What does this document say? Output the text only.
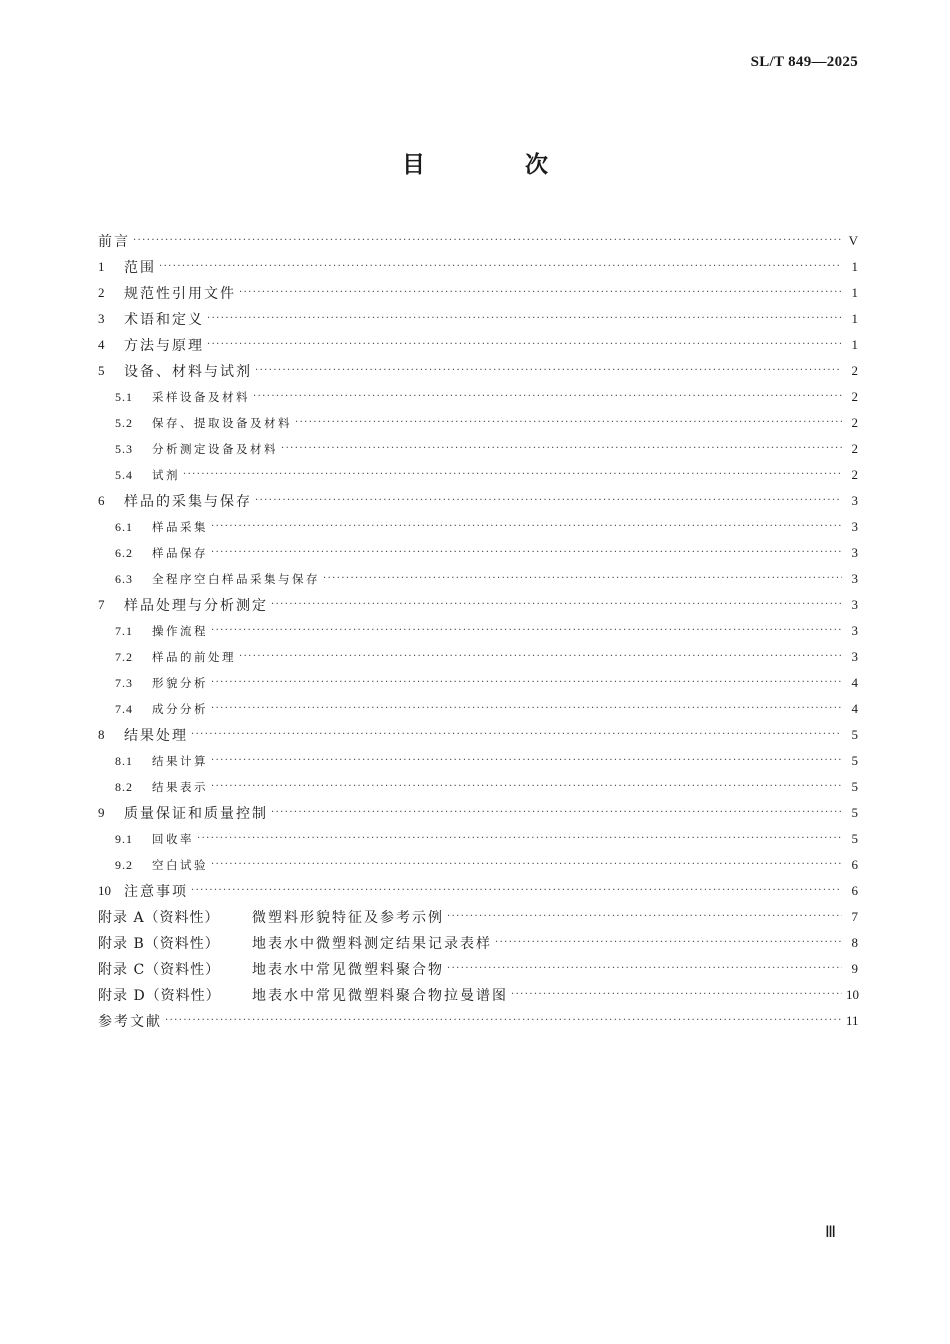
SL/T 849—2025
目 次
前言 ·····	V
1	范围 ·····	1
2	规范性引用文件 ·····	1
3	术语和定义 ·····	1
4	方法与原理 ·····	1
5	设备、材料与试剂 ·····	2
5.1	采样设备及材料 ·····	2
5.2	保存、提取设备及材料 ·····	2
5.3	分析测定设备及材料 ·····	2
5.4	试剂 ·····	2
6	样品的采集与保存 ·····	3
6.1	样品采集 ·····	3
6.2	样品保存 ·····	3
6.3	全程序空白样品采集与保存 ·····	3
7	样品处理与分析测定 ·····	3
7.1	操作流程 ·····	3
7.2	样品的前处理 ·····	3
7.3	形貌分析 ·····	4
7.4	成分分析 ·····	4
8	结果处理 ·····	5
8.1	结果计算 ·····	5
8.2	结果表示 ·····	5
9	质量保证和质量控制 ·····	5
9.1	回收率 ·····	5
9.2	空白试验 ·····	6
10 注意事项 ·····	6
附录 A（资料性）	微塑料形貌特征及参考示例 ·····	7
附录 B（资料性）	地表水中微塑料测定结果记录表样 ·····	8
附录 C（资料性）	地表水中常见微塑料聚合物 ·····	9
附录 D（资料性）	地表水中常见微塑料聚合物拉曼谱图 ·····	10
参考文献 ·····	11
Ⅲ
